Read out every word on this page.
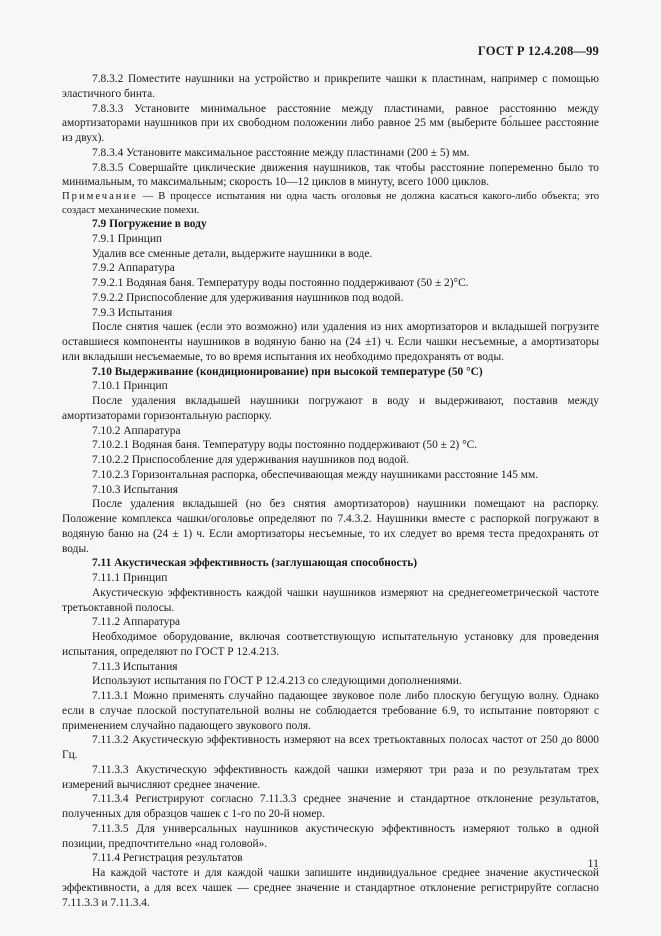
ГОСТ Р 12.4.208—99

7.8.3.2 Поместите наушники на устройство и прикрепите чашки к пластинам, например с помощью эластичного бинта.

7.8.3.3 Установите минимальное расстояние между пластинами, равное расстоянию между амортизаторами наушников при их свободном положении либо равное 25 мм (выберите бо́льшее расстояние из двух).

7.8.3.4 Установите максимальное расстояние между пластинами (200 ± 5) мм.

7.8.3.5 Совершайте циклические движения наушников, так чтобы расстояние попеременно было то минимальным, то максимальным; скорость 10—12 циклов в минуту, всего 1000 циклов.

Примечание — В процессе испытания ни одна часть оголовья не должна касаться какого-либо объекта; это создаст механические помехи.

7.9 Погружение в воду

7.9.1 Принцип

Удалив все сменные детали, выдержите наушники в воде.

7.9.2 Аппаратура

7.9.2.1 Водяная баня. Температуру воды постоянно поддерживают (50 ± 2)°С.

7.9.2.2 Приспособление для удерживания наушников под водой.

7.9.3 Испытания

После снятия чашек (если это возможно) или удаления из них амортизаторов и вкладышей погрузите оставшиеся компоненты наушников в водяную баню на (24 ±1) ч. Если чашки несъемные, а амортизаторы или вкладыши несъемаемые, то во время испытания их необходимо предохранять от воды.

7.10 Выдерживание (кондиционирование) при высокой температуре (50 °С)

7.10.1 Принцип

После удаления вкладышей наушники погружают в воду и выдерживают, поставив между амортизаторами горизонтальную распорку.

7.10.2 Аппаратура

7.10.2.1 Водяная баня. Температуру воды постоянно поддерживают (50 ± 2) °С.

7.10.2.2 Приспособление для удерживания наушников под водой.

7.10.2.3 Горизонтальная распорка, обеспечивающая между наушниками расстояние 145 мм.

7.10.3 Испытания

После удаления вкладышей (но без снятия амортизаторов) наушники помещают на распорку. Положение комплекса чашки/оголовье определяют по 7.4.3.2. Наушники вместе с распоркой погружают в водяную баню на (24 ± 1) ч. Если амортизаторы несъемные, то их следует во время теста предохранять от воды.

7.11 Акустическая эффективность (заглушающая способность)

7.11.1 Принцип

Акустическую эффективность каждой чашки наушников измеряют на среднегеометрической частоте третьоктавной полосы.

7.11.2 Аппаратура

Необходимое оборудование, включая соответствующую испытательную установку для проведения испытания, определяют по ГОСТ Р 12.4.213.

7.11.3 Испытания

Используют испытания по ГОСТ Р 12.4.213 со следующими дополнениями.

7.11.3.1 Можно применять случайно падающее звуковое поле либо плоскую бегущую волну. Однако если в случае плоской поступательной волны не соблюдается требование 6.9, то испытание повторяют с применением случайно падающего звукового поля.

7.11.3.2 Акустическую эффективность измеряют на всех третьоктавных полосах частот от 250 до 8000 Гц.

7.11.3.3 Акустическую эффективность каждой чашки измеряют три раза и по результатам трех измерений вычисляют среднее значение.

7.11.3.4 Регистрируют согласно 7.11.3.3 среднее значение и стандартное отклонение результатов, полученных для образцов чашек с 1-го по 20-й номер.

7.11.3.5 Для универсальных наушников акустическую эффективность измеряют только в одной позиции, предпочтительно «над головой».

7.11.4 Регистрация результатов

На каждой частоте и для каждой чашки запишите индивидуальное среднее значение акустической эффективности, а для всех чашек — среднее значение и стандартное отклонение регистрируйте согласно 7.11.3.3 и 7.11.3.4.

11
